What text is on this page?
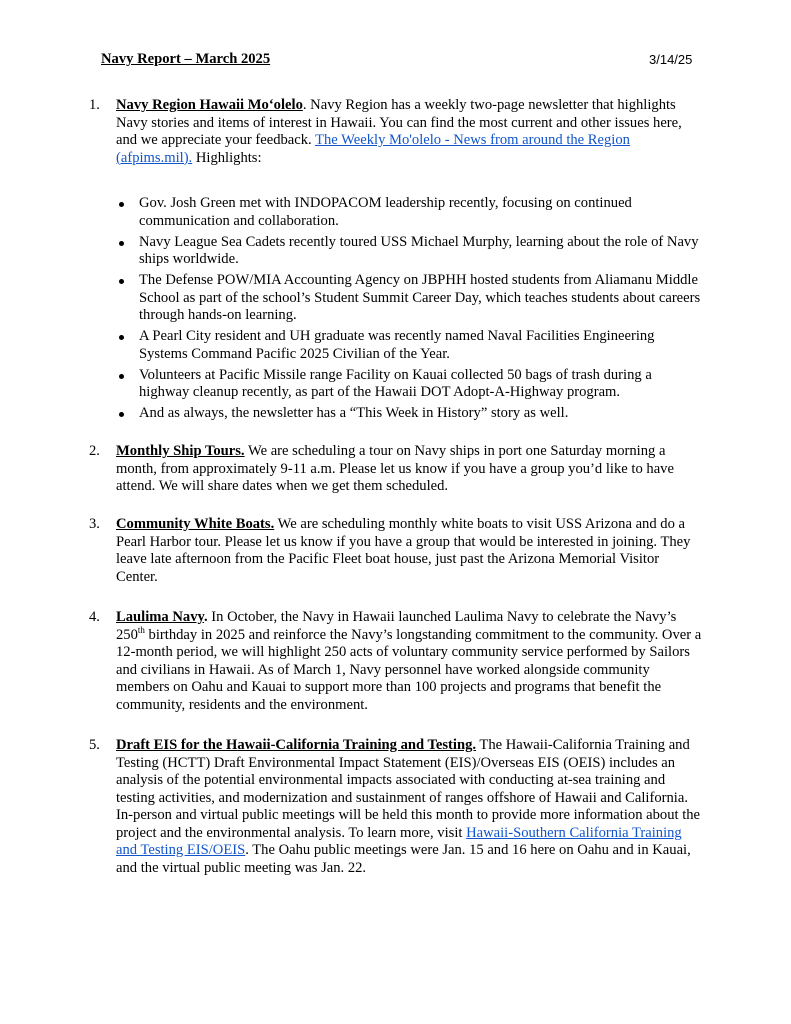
Navy Report – March 2025	3/14/25
1. Navy Region Hawaii Mo‘olelo. Navy Region has a weekly two-page newsletter that highlights Navy stories and items of interest in Hawaii. You can find the most current and other issues here, and we appreciate your feedback. The Weekly Mo'olelo - News from around the Region (afpims.mil). Highlights:
Gov. Josh Green met with INDOPACOM leadership recently, focusing on continued communication and collaboration.
Navy League Sea Cadets recently toured USS Michael Murphy, learning about the role of Navy ships worldwide.
The Defense POW/MIA Accounting Agency on JBPHH hosted students from Aliamanu Middle School as part of the school’s Student Summit Career Day, which teaches students about careers through hands-on learning.
A Pearl City resident and UH graduate was recently named Naval Facilities Engineering Systems Command Pacific 2025 Civilian of the Year.
Volunteers at Pacific Missile range Facility on Kauai collected 50 bags of trash during a highway cleanup recently, as part of the Hawaii DOT Adopt-A-Highway program.
And as always, the newsletter has a “This Week in History” story as well.
2. Monthly Ship Tours. We are scheduling a tour on Navy ships in port one Saturday morning a month, from approximately 9-11 a.m. Please let us know if you have a group you’d like to have attend. We will share dates when we get them scheduled.
3. Community White Boats. We are scheduling monthly white boats to visit USS Arizona and do a Pearl Harbor tour. Please let us know if you have a group that would be interested in joining. They leave late afternoon from the Pacific Fleet boat house, just past the Arizona Memorial Visitor Center.
4. Laulima Navy. In October, the Navy in Hawaii launched Laulima Navy to celebrate the Navy’s 250th birthday in 2025 and reinforce the Navy’s longstanding commitment to the community. Over a 12-month period, we will highlight 250 acts of voluntary community service performed by Sailors and civilians in Hawaii. As of March 1, Navy personnel have worked alongside community members on Oahu and Kauai to support more than 100 projects and programs that benefit the community, residents and the environment.
5. Draft EIS for the Hawaii-California Training and Testing. The Hawaii-California Training and Testing (HCTT) Draft Environmental Impact Statement (EIS)/Overseas EIS (OEIS) includes an analysis of the potential environmental impacts associated with conducting at-sea training and testing activities, and modernization and sustainment of ranges offshore of Hawaii and California. In-person and virtual public meetings will be held this month to provide more information about the project and the environmental analysis. To learn more, visit Hawaii-Southern California Training and Testing EIS/OEIS. The Oahu public meetings were Jan. 15 and 16 here on Oahu and in Kauai, and the virtual public meeting was Jan. 22.
